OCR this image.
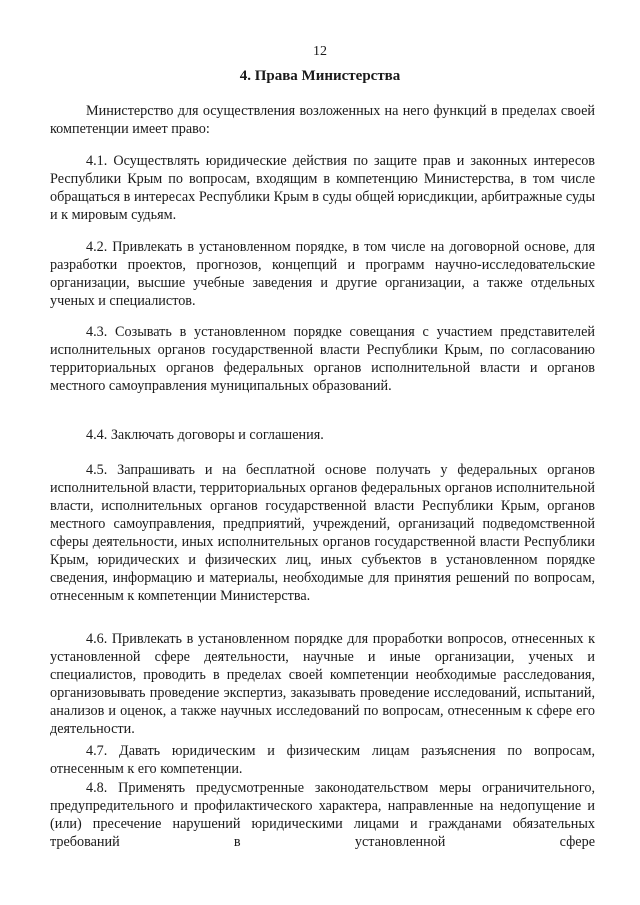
12
4. Права Министерства

Министерство для осуществления возложенных на него функций в пределах своей компетенции имеет право:

4.1. Осуществлять юридические действия по защите прав и законных интересов Республики Крым по вопросам, входящим в компетенцию Министерства, в том числе обращаться в интересах Республики Крым в суды общей юрисдикции, арбитражные суды и к мировым судьям.

4.2. Привлекать в установленном порядке, в том числе на договорной основе, для разработки проектов, прогнозов, концепций и программ научно-исследовательские организации, высшие учебные заведения и другие организации, а также отдельных ученых и специалистов.

4.3. Созывать в установленном порядке совещания с участием представителей исполнительных органов государственной власти Республики Крым, по согласованию территориальных органов федеральных органов исполнительной власти и органов местного самоуправления муниципальных образований.

4.4. Заключать договоры и соглашения.

4.5. Запрашивать и на бесплатной основе получать у федеральных органов исполнительной власти, территориальных органов федеральных органов исполнительной власти, исполнительных органов государственной власти Республики Крым, органов местного самоуправления, предприятий, учреждений, организаций подведомственной сферы деятельности, иных исполнительных органов государственной власти Республики Крым, юридических и физических лиц, иных субъектов в установленном порядке сведения, информацию и материалы, необходимые для принятия решений по вопросам, отнесенным к компетенции Министерства.

4.6. Привлекать в установленном порядке для проработки вопросов, отнесенных к установленной сфере деятельности, научные и иные организации, ученых и специалистов, проводить в пределах своей компетенции необходимые расследования, организовывать проведение экспертиз, заказывать проведение исследований, испытаний, анализов и оценок, а также научных исследований по вопросам, отнесенным к сфере его деятельности.

4.7. Давать юридическим и физическим лицам разъяснения по вопросам, отнесенным к его компетенции.

4.8. Применять предусмотренные законодательством меры ограничительного, предупредительного и профилактического характера, направленные на недопущение и (или) пресечение нарушений юридическими лицами и гражданами обязательных требований в установленной сфере
